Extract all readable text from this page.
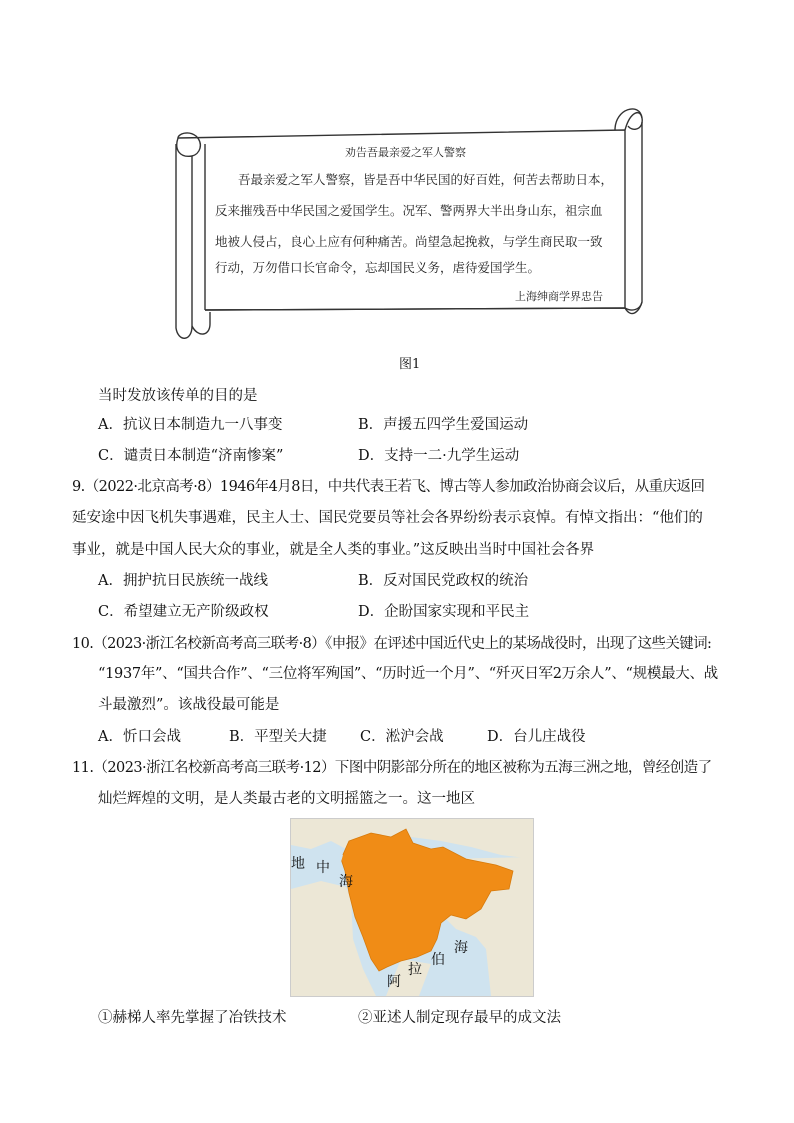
劝告吾最亲爱之军人警察
吾最亲爱之军人警察，皆是吾中华民国的好百姓，何苦去帮助日本，
反来摧残吾中华民国之爱国学生。况军、警两界大半出身山东，祖宗血
地被人侵占，良心上应有何种痛苦。尚望急起挽救，与学生商民取一致
行动，万勿借口长官命令，忘却国民义务，虐待爱国学生。
上海绅商学界忠告
图1
当时发放该传单的目的是
A．抗议日本制造九一八事变	B．声援五四学生爱国运动
C．谴责日本制造“济南惨案”	D．支持一二·九学生运动
9.（2022·北京高考·8）1946年4月8日，中共代表王若飞、博古等人参加政治协商会议后，从重庆返回
延安途中因飞机失事遇难，民主人士、国民党要员等社会各界纷纷表示哀悼。有悼文指出：“他们的
事业，就是中国人民大众的事业，就是全人类的事业。”这反映出当时中国社会各界
A．拥护抗日民族统一战线	B．反对国民党政权的统治
C．希望建立无产阶级政权	D．企盼国家实现和平民主
10.（2023·浙江名校新高考高三联考·8）《申报》在评述中国近代史上的某场战役时，出现了这些关键词:
“1937年”、“国共合作”、“三位将军殉国”、“历时近一个月”、“歼灭日军2万余人”、“规模最大、战
斗最激烈”。该战役最可能是
A．忻口会战	B．平型关大捷 C．淞沪会战	D．台儿庄战役
11.（2023·浙江名校新高考高三联考·12）下图中阴影部分所在的地区被称为五海三洲之地，曾经创造了
灿烂辉煌的文明，是人类最古老的文明摇篮之一。这一地区
地 中
海
海
伯
拉
阿
①赫梯人率先掌握了冶铁技术	②亚述人制定现存最早的成文法
